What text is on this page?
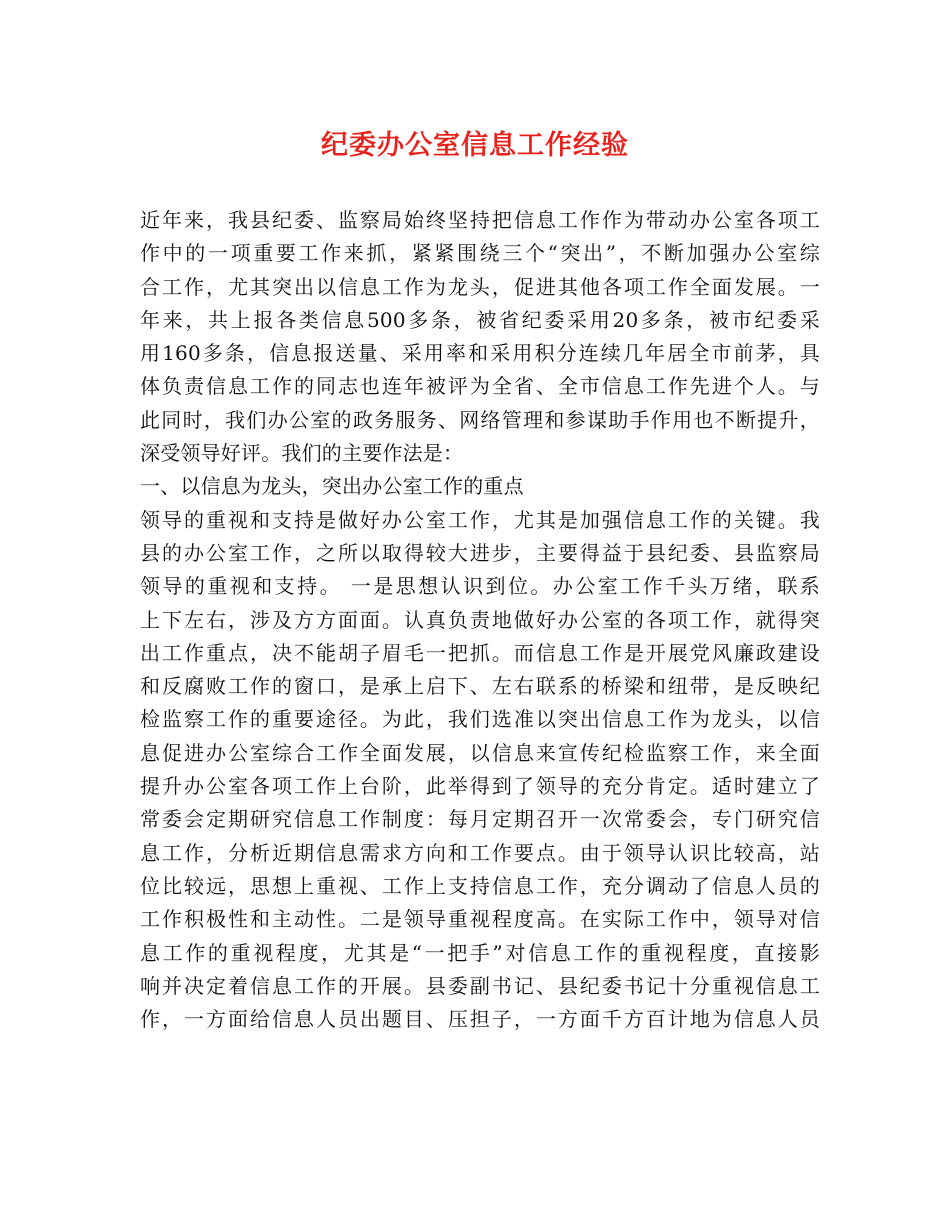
纪委办公室信息工作经验
近年来，我县纪委、监察局始终坚持把信息工作作为带动办公室各项工
作中的一项重要工作来抓，紧紧围绕三个“突出”，不断加强办公室综
合工作，尤其突出以信息工作为龙头，促进其他各项工作全面发展。一
年来，共上报各类信息500多条，被省纪委采用20多条，被市纪委采
用160多条，信息报送量、采用率和采用积分连续几年居全市前茅，具
体负责信息工作的同志也连年被评为全省、全市信息工作先进个人。与
此同时，我们办公室的政务服务、网络管理和参谋助手作用也不断提升，
深受领导好评。我们的主要作法是：
一、以信息为龙头，突出办公室工作的重点
领导的重视和支持是做好办公室工作，尤其是加强信息工作的关键。我
县的办公室工作，之所以取得较大进步，主要得益于县纪委、县监察局
领导的重视和支持。 一是思想认识到位。办公室工作千头万绪，联系
上下左右，涉及方方面面。认真负责地做好办公室的各项工作，就得突
出工作重点，决不能胡子眉毛一把抓。而信息工作是开展党风廉政建设
和反腐败工作的窗口，是承上启下、左右联系的桥梁和纽带，是反映纪
检监察工作的重要途径。为此，我们选准以突出信息工作为龙头，以信
息促进办公室综合工作全面发展，以信息来宣传纪检监察工作，来全面
提升办公室各项工作上台阶，此举得到了领导的充分肯定。适时建立了
常委会定期研究信息工作制度：每月定期召开一次常委会，专门研究信
息工作，分析近期信息需求方向和工作要点。由于领导认识比较高，站
位比较远，思想上重视、工作上支持信息工作，充分调动了信息人员的
工作积极性和主动性。二是领导重视程度高。在实际工作中，领导对信
息工作的重视程度，尤其是“一把手”对信息工作的重视程度，直接影
响并决定着信息工作的开展。县委副书记、县纪委书记十分重视信息工
作，一方面给信息人员出题目、压担子，一方面千方百计地为信息人员
